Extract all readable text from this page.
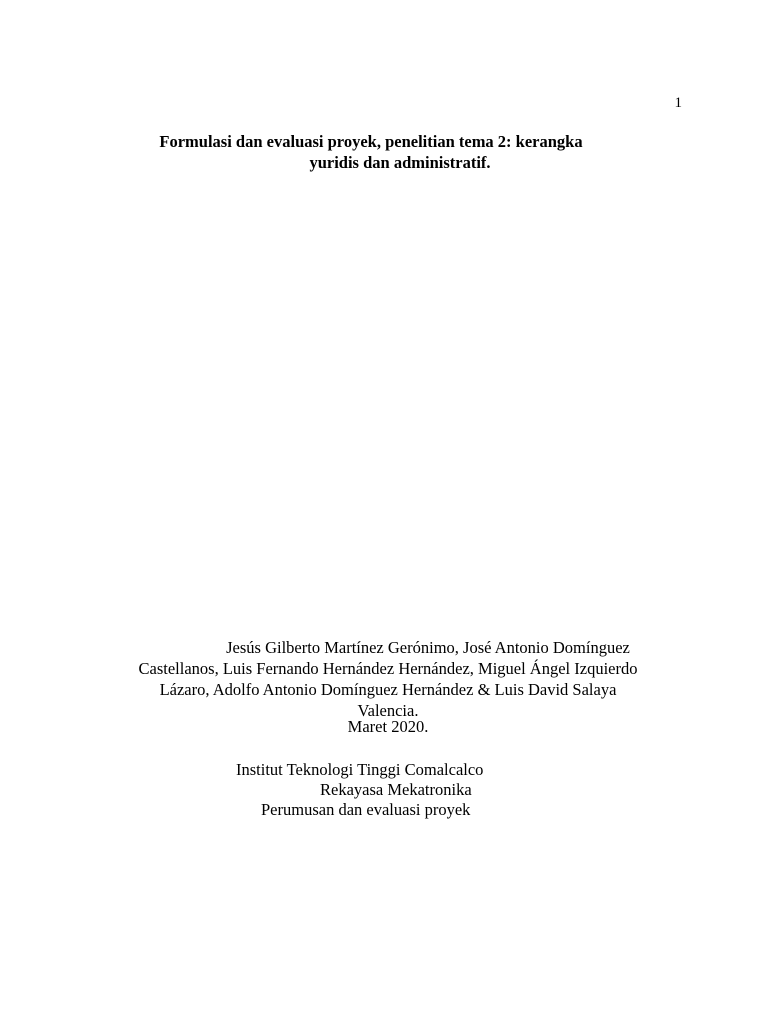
1
Formulasi dan evaluasi proyek, penelitian tema 2: kerangka
yuridis dan administratif.
Jesús Gilberto Martínez Gerónimo, José Antonio Domínguez
Castellanos, Luis Fernando Hernández Hernández, Miguel Ángel Izquierdo
Lázaro, Adolfo Antonio Domínguez Hernández & Luis David Salaya
Valencia.
Maret 2020.
Institut Teknologi Tinggi Comalcalco
Rekayasa Mekatronika
Perumusan dan evaluasi proyek
